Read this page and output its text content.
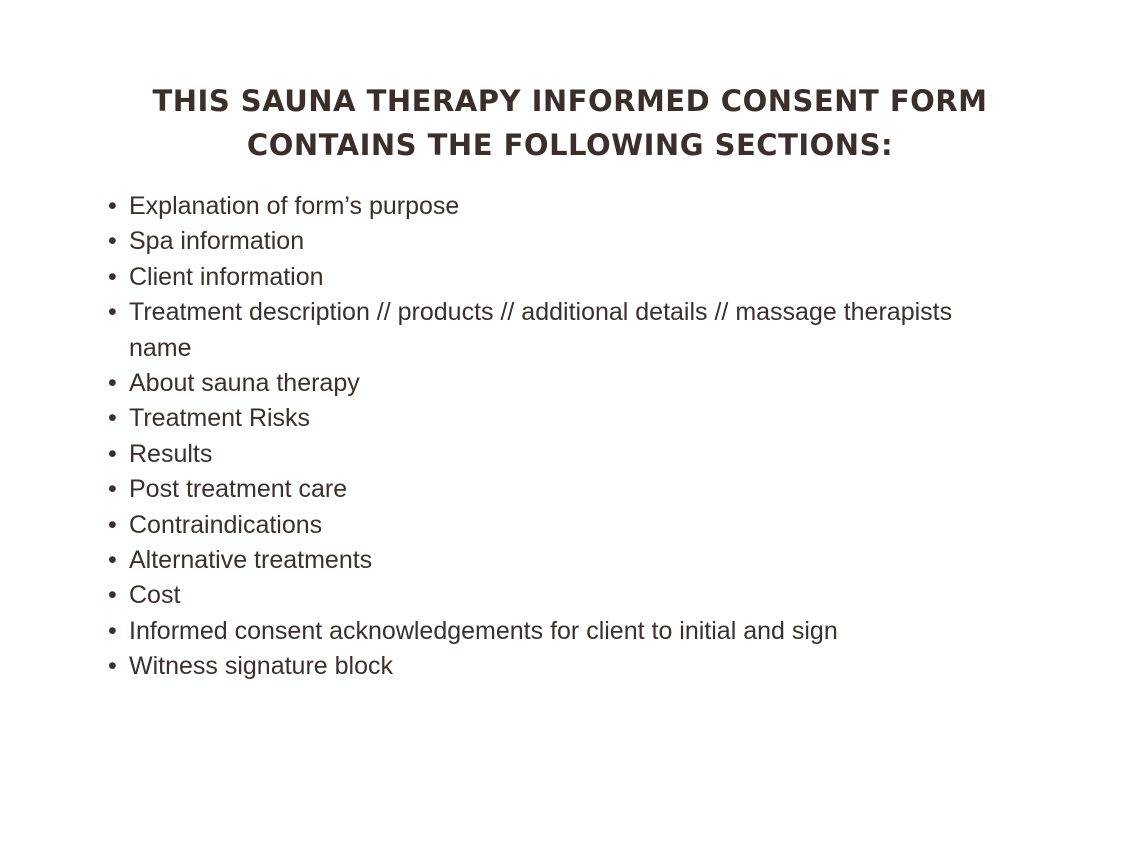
THIS SAUNA THERAPY INFORMED CONSENT FORM CONTAINS THE FOLLOWING SECTIONS:
• Explanation of form’s purpose
• Spa information
• Client information
• Treatment description // products // additional details // massage therapists name
• About sauna therapy
• Treatment Risks
• Results
• Post treatment care
• Contraindications
• Alternative treatments
• Cost
• Informed consent acknowledgements for client to initial and sign
• Witness signature block
